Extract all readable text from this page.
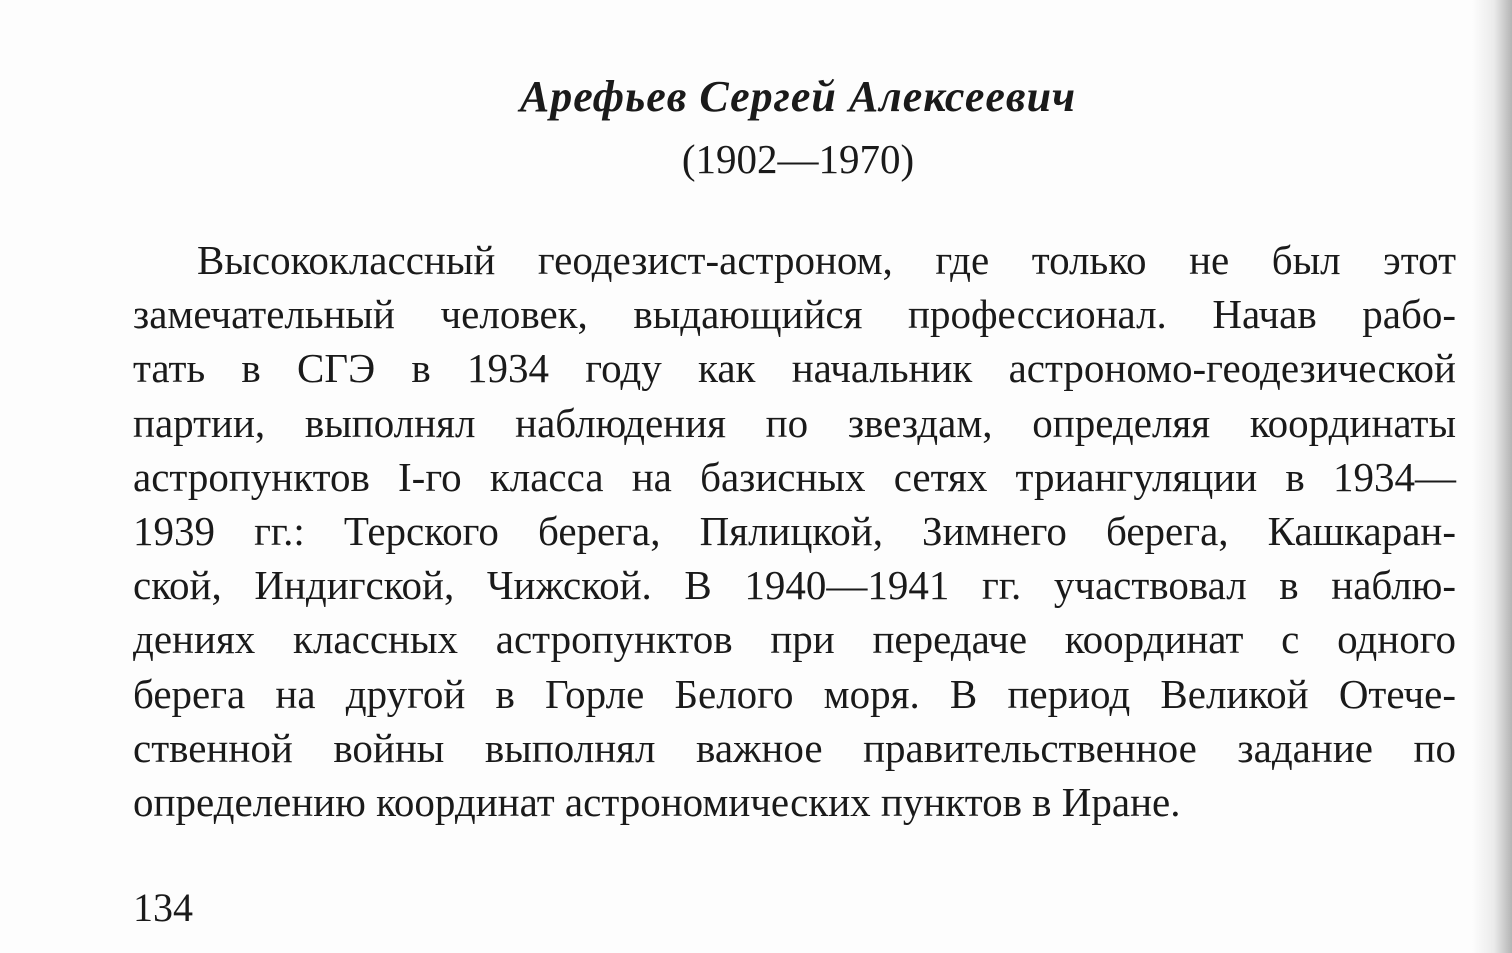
Арефьев Сергей Алексеевич
(1902—1970)
Высококлассный геодезист-астроном, где только не был этот
замечательный человек, выдающийся профессионал. Начав рабо-
тать в СГЭ в 1934 году как начальник астрономо-геодезической
партии, выполнял наблюдения по звездам, определяя координаты
астропунктов I-го класса на базисных сетях триангуляции в 1934—
1939 гг.: Терского берега, Пялицкой, Зимнего берега, Кашкаран-
ской, Индигской, Чижской. В 1940—1941 гг. участвовал в наблю-
дениях классных астропунктов при передаче координат с одного
берега на другой в Горле Белого моря. В период Великой Отече-
ственной войны выполнял важное правительственное задание по
определению координат астрономических пунктов в Иране.
134
